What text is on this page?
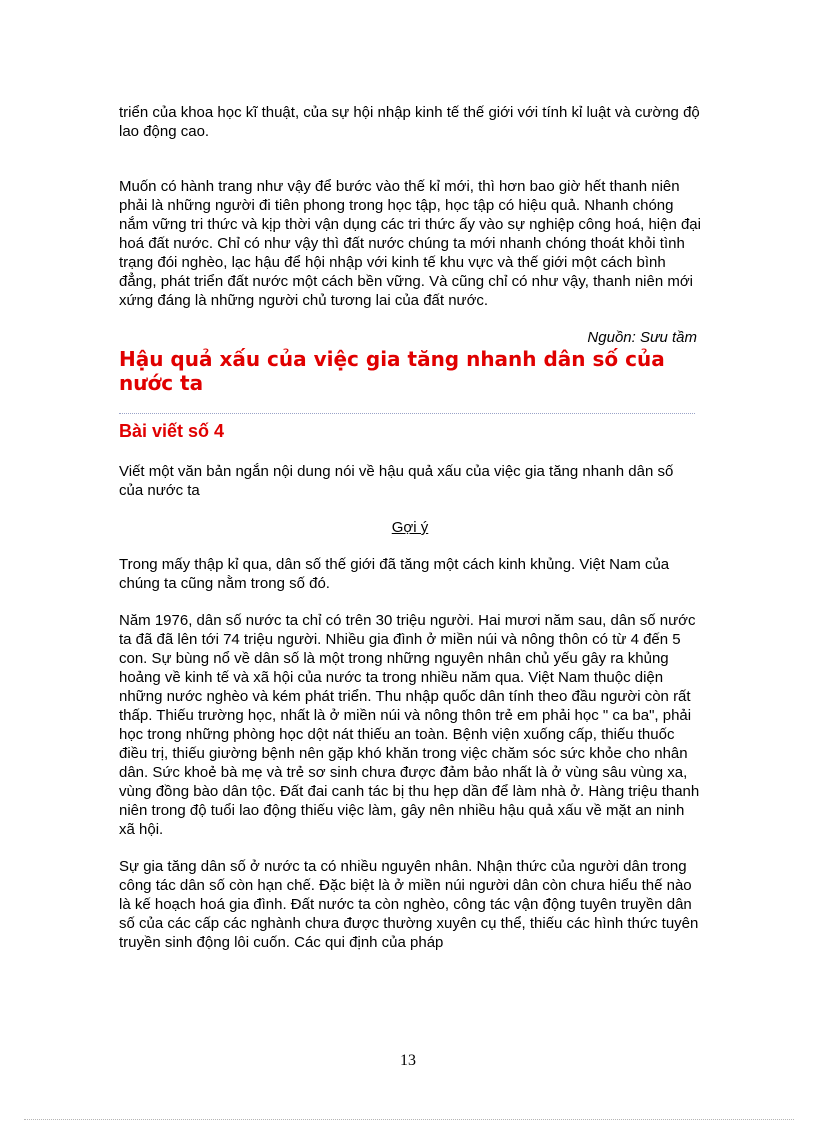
triển của khoa học kĩ thuật, của sự hội nhập kinh tế thế giới với tính kỉ luật và cường độ lao động cao.

Muốn có hành trang như vậy để bước vào thế kỉ mới, thì hơn bao giờ hết thanh niên phải là những người đi tiên phong trong học tập, học tập có hiệu quả. Nhanh chóng nắm vững tri thức và kịp thời vận dụng các tri thức ấy vào sự nghiệp công hoá, hiện đại hoá đất nước. Chỉ có như vậy thì đất nước chúng ta mới nhanh chóng thoát khỏi tình trạng đói nghèo, lạc hậu để hội nhập với kinh tế khu vực và thế giới một cách bình đẳng, phát triển đất nước một cách bền vững. Và cũng chỉ có như vậy, thanh niên mới xứng đáng là những người chủ tương lai của đất nước.

Nguồn: Sưu tầm

Hậu quả xấu của việc gia tăng nhanh dân số của nước ta
Bài viết số 4

Viết một văn bản ngắn nội dung nói về hậu quả xấu của việc gia tăng nhanh dân số của nước ta

Gợi ý

Trong mấy thập kỉ qua, dân số thế giới đã tăng một cách kinh khủng. Việt Nam của chúng ta cũng nằm trong số đó.

Năm 1976, dân số nước ta chỉ có trên 30 triệu người. Hai mươi năm sau, dân số nước ta đã đã lên tới 74 triệu người. Nhiều gia đình ở miền núi và nông thôn có từ 4 đến 5 con. Sự bùng nổ về dân số là một trong những nguyên nhân chủ yếu gây ra khủng hoảng về kinh tế và xã hội của nước ta trong nhiều năm qua. Việt Nam thuộc diện những nước nghèo và kém phát triển. Thu nhập quốc dân tính theo đầu người còn rất thấp. Thiếu trường học, nhất là ở miền núi và nông thôn trẻ em phải học " ca ba", phải học trong những phòng học dột nát thiếu an toàn. Bệnh viện xuống cấp, thiếu thuốc điều trị, thiếu giường bệnh nên gặp khó khăn trong việc chăm sóc sức khỏe cho nhân dân. Sức khoẻ bà mẹ và trẻ sơ sinh chưa được đảm bảo nhất là ở vùng sâu vùng xa, vùng đồng bào dân tộc. Đất đai canh tác bị thu hẹp dần để làm nhà ở. Hàng triệu thanh niên trong độ tuổi lao động thiếu việc làm, gây nên nhiều hậu quả xấu về mặt an ninh xã hội.

Sự gia tăng dân số ở nước ta có nhiều nguyên nhân. Nhận thức của người dân trong công tác dân số còn hạn chế. Đặc biệt là ở miền núi người dân còn chưa hiểu thế nào là kế hoạch hoá gia đình. Đất nước ta còn nghèo, công tác vận động tuyên truyền dân số của các cấp các nghành chưa được thường xuyên cụ thể, thiếu các hình thức tuyên truyền sinh động lôi cuốn. Các qui định của pháp

13
